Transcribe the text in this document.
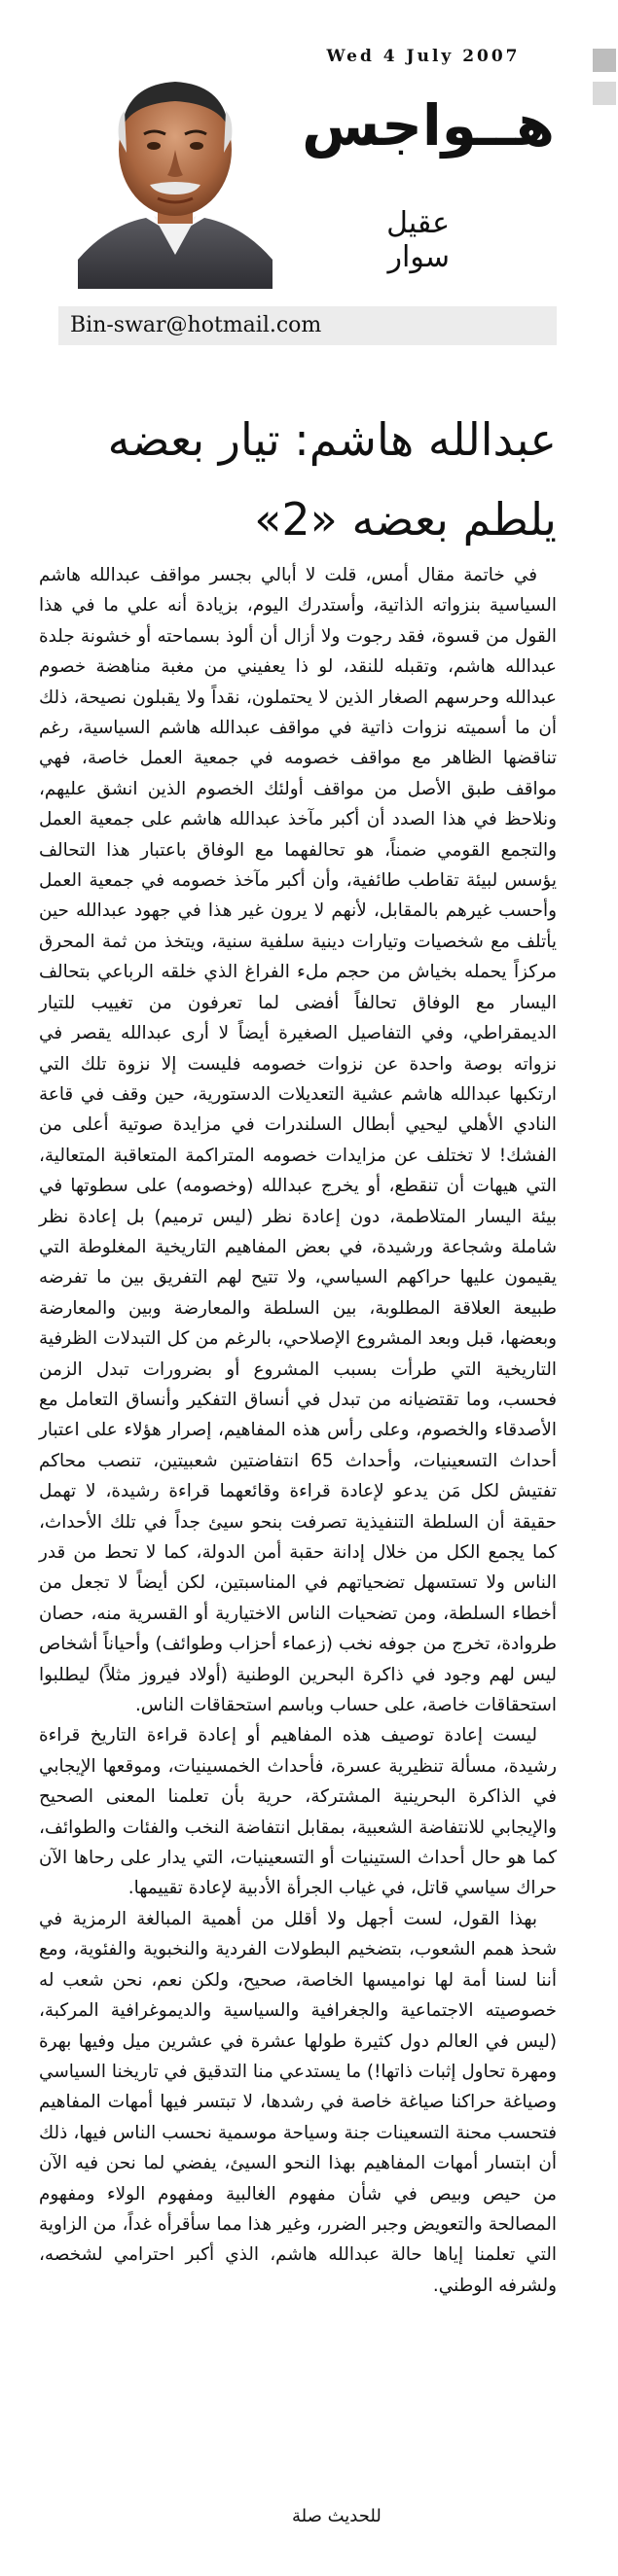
Wed 4 July 2007
هــواجس
عقيل سوار
Bin-swar@hotmail.com
عبدالله هاشم: تيار بعضه يلطم بعضه «2»

في خاتمة مقال أمس، قلت لا أبالي بجسر مواقف عبدالله هاشم السياسية بنزواته الذاتية، وأستدرك اليوم، بزيادة أنه علي ما في هذا القول من قسوة، فقد رجوت ولا أزال أن ألوذ بسماحته أو خشونة جلدة عبدالله هاشم، وتقبله للنقد، لو ذا يعفيني من مغبة مناهضة خصوم عبدالله وحرسهم الصغار الذين لا يحتملون، نقداً ولا يقبلون نصيحة، ذلك أن ما أسميته نزوات ذاتية في مواقف عبدالله هاشم السياسية، رغم تناقضها الظاهر مع مواقف خصومه في جمعية العمل خاصة، فهي مواقف طبق الأصل من مواقف أولئك الخصوم الذين انشق عليهم، ونلاحظ في هذا الصدد أن أكبر مآخذ عبدالله هاشم على جمعية العمل والتجمع القومي ضمناً، هو تحالفهما مع الوفاق باعتبار هذا التحالف يؤسس لبيئة تقاطب طائفية، وأن أكبر مآخذ خصومه في جمعية العمل وأحسب غيرهم بالمقابل، لأنهم لا يرون غير هذا في جهود عبدالله حين يأتلف مع شخصيات وتيارات دينية سلفية سنية، ويتخذ من ثمة المحرق مركزاً يحمله بخياش من حجم ملء الفراغ الذي خلقه الرباعي بتحالف اليسار مع الوفاق تحالفاً أفضى لما تعرفون من تغييب للتيار الديمقراطي، وفي التفاصيل الصغيرة أيضاً لا أرى عبدالله يقصر في نزواته بوصة واحدة عن نزوات خصومه فليست إلا نزوة تلك التي ارتكبها عبدالله هاشم عشية التعديلات الدستورية، حين وقف في قاعة النادي الأهلي ليحيي أبطال السلندرات في مزايدة صوتية أعلى من الفشك! لا تختلف عن مزايدات خصومه المتراكمة المتعاقبة المتعالية، التي هيهات أن تنقطع، أو يخرج عبدالله (وخصومه) على سطوتها في بيئة اليسار المتلاطمة، دون إعادة نظر (ليس ترميم) بل إعادة نظر شاملة وشجاعة ورشيدة، في بعض المفاهيم التاريخية المغلوطة التي يقيمون عليها حراكهم السياسي، ولا تتيح لهم التفريق بين ما تفرضه طبيعة العلاقة المطلوبة، بين السلطة والمعارضة وبين والمعارضة وبعضها، قبل وبعد المشروع الإصلاحي، بالرغم من كل التبدلات الظرفية التاريخية التي طرأت بسبب المشروع أو بضرورات تبدل الزمن فحسب، وما تقتضيانه من تبدل في أنساق التفكير وأنساق التعامل مع الأصدقاء والخصوم، وعلى رأس هذه المفاهيم، إصرار هؤلاء على اعتبار أحداث التسعينيات، وأحداث 65 انتفاضتين شعبيتين، تنصب محاكم تفتيش لكل مَن يدعو لإعادة قراءة وقائعهما قراءة رشيدة، لا تهمل حقيقة أن السلطة التنفيذية تصرفت بنحو سيئ جداً في تلك الأحداث، كما يجمع الكل من خلال إدانة حقبة أمن الدولة، كما لا تحط من قدر الناس ولا تستسهل تضحياتهم في المناسبتين، لكن أيضاً لا تجعل من أخطاء السلطة، ومن تضحيات الناس الاختيارية أو القسرية منه، حصان طروادة، تخرج من جوفه نخب (زعماء أحزاب وطوائف) وأحياناً أشخاص ليس لهم وجود في ذاكرة البحرين الوطنية (أولاد فيروز مثلاً) ليطلبوا استحقاقات خاصة، على حساب وباسم استحقاقات الناس.

ليست إعادة توصيف هذه المفاهيم أو إعادة قراءة التاريخ قراءة رشيدة، مسألة تنظيرية عسرة، فأحداث الخمسينيات، وموقعها الإيجابي في الذاكرة البحرينية المشتركة، حرية بأن تعلمنا المعنى الصحيح والإيجابي للانتفاضة الشعبية، بمقابل انتفاضة النخب والفئات والطوائف، كما هو حال أحداث الستينيات أو التسعينيات، التي يدار على رحاها الآن حراك سياسي قاتل، في غياب الجرأة الأدبية لإعادة تقييمها.

بهذا القول، لست أجهل ولا أقلل من أهمية المبالغة الرمزية في شحذ همم الشعوب، بتضخيم البطولات الفردية والنخبوية والفئوية، ومع أننا لسنا أمة لها نواميسها الخاصة، صحيح، ولكن نعم، نحن شعب له خصوصيته الاجتماعية والجغرافية والسياسية والديموغرافية المركبة، (ليس في العالم دول كثيرة طولها عشرة في عشرين ميل وفيها بهرة ومهرة تحاول إثبات ذاتها!) ما يستدعي منا التدقيق في تاريخنا السياسي وصياغة حراكنا صياغة خاصة في رشدها، لا تبتسر فيها أمهات المفاهيم فتحسب محنة التسعينات جنة وسياحة موسمية نحسب الناس فيها، ذلك أن ابتسار أمهات المفاهيم بهذا النحو السيئ، يفضي لما نحن فيه الآن من حيص وبيص في شأن مفهوم الغالبية ومفهوم الولاء ومفهوم المصالحة والتعويض وجبر الضرر، وغير هذا مما سأقرأه غداً، من الزاوية التي تعلمنا إياها حالة عبدالله هاشم، الذي أكبر احترامي لشخصه، ولشرفه الوطني.

للحديث صلة
